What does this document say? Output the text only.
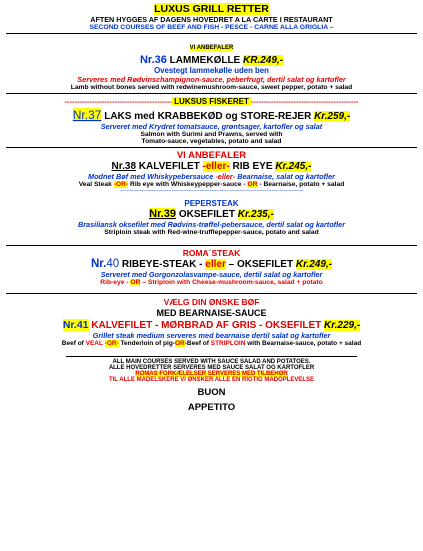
LUXUS GRILL RETTER
AFTEN HYGGES AF DAGENS HOVEDRET A LA CARTE I RESTAURANT
SECOND COURSES OF BEEF AND FISH - PESCE - CARNE ALLA GRIGLIA –
VI ANBEFALER
Nr.36 LAMMEKØLLE KR.249,-
Ovestegt lammekølle uden ben
Serveres med Rødvinschampignon-sauce, peberfrugt, dertil salat og kartofler
Lamb without bones served with redwinemushroom-sauce, sweet pepper, potato + salad
------------------------------------------- LUKSUS FISKERET -------------------------------------------
Nr.37 LAKS med KRABBEKØD og STORE-REJER Kr.259,-
Serveret med Krydret tomatsauce, grøntsager, kartofler og salat
Salmon with Surimi and Prawns, served with
Tomato-sauce, vegetables, potato and salad
VI ANBEFALER
Nr.38 KALVEFILET -eller- RIB EYE Kr.245,-
Modnet Bøf med Whiskypebersauce -eller- Bearnaise, salat og kartofler
Veal Steak -OR- Rib eye with Whiskeypepper-sauce - OR - Bearnaise, potato + salad
--------------------------------------------------------------------------------------------------------------
PEPERSTEAK
Nr.39 OKSEFILET Kr.235,-
Brasiliansk oksefilet med Rødvins-trøffel-pebersauce, dertil salat og kartofler
Striploin steak with Red-wine-trufflepepper-sauce, potato and salad
ROMA´STEAK
Nr.40 RIBEYE-STEAK - eller – OKSEFILET Kr.249,-
Serveret med Gorgonzolasvampe-sauce, dertil salat og kartofler
Rib-eye - OR – Striploin with Cheese-mushroom-sauce, salad + potato
VÆLG DIN ØNSKE BØF
MED BEARNAISE-SAUCE
Nr.41 KALVEFILET - MØRBRAD AF GRIS - OKSEFILET Kr.229,-
Grillet steak medium serveres med bearnaise dertil salat og kartofler
Beef of VEAL -OR- Tenderloin of pig-OR-Beef of STRIPLOIN with Bearnaise-sauce, potato + salad
ALL MAIN COURSES SERVED WITH SAUCE SALAD AND POTATOES.
ALLE HOVEDRETTER SERVERES MED SAUCE SALAT OG KARTOFLER
ROMAS FORKÆLELSER SERVERES MED TILBEHØR
TIL ALLE MADELSKERE VI ØNSKER ALLE EN RIGTIG MADOPLEVELSE
BUON
APPETITO
